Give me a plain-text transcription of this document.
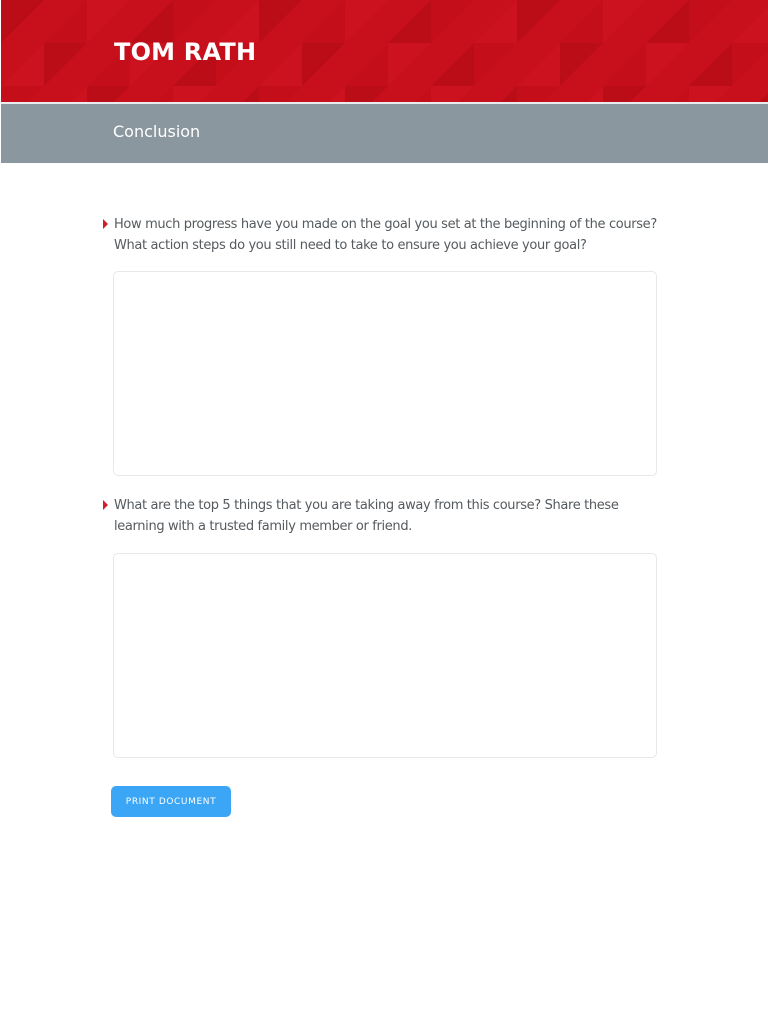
TOM RATH
Conclusion
How much progress have you made on the goal you set at the beginning of the course? What action steps do you still need to take to ensure you achieve your goal?
What are the top 5 things that you are taking away from this course? Share these learning with a trusted family member or friend.
PRINT DOCUMENT
